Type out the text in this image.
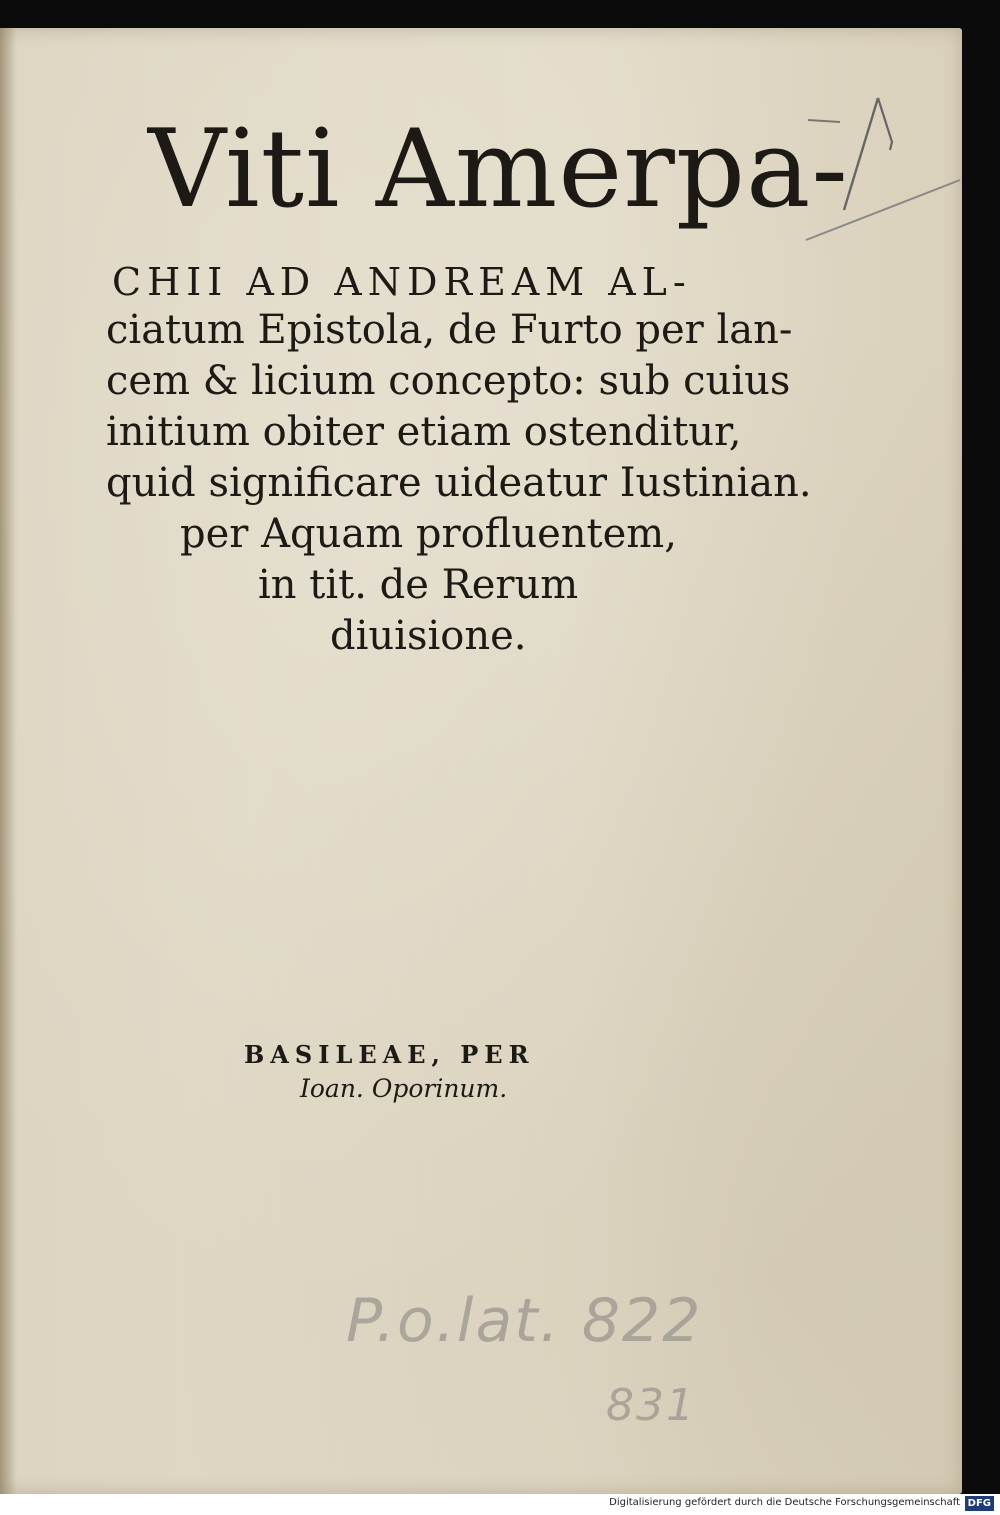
Viti Amerpa-

CHII AD ANDREAM AL-

ciatum Epistola, de Furto per lan-

cem & licium concepto: sub cuius

initium obiter etiam ostenditur,

quid significare uideatur Iustinian.

per Aquam profluentem,

in tit. de Rerum

diuisione.

BASILEAE, PER

Ioan. Oporinum.

P.o.lat. 822
831
Digitalisierung gefördert durch die Deutsche Forschungsgemeinschaft DFG
